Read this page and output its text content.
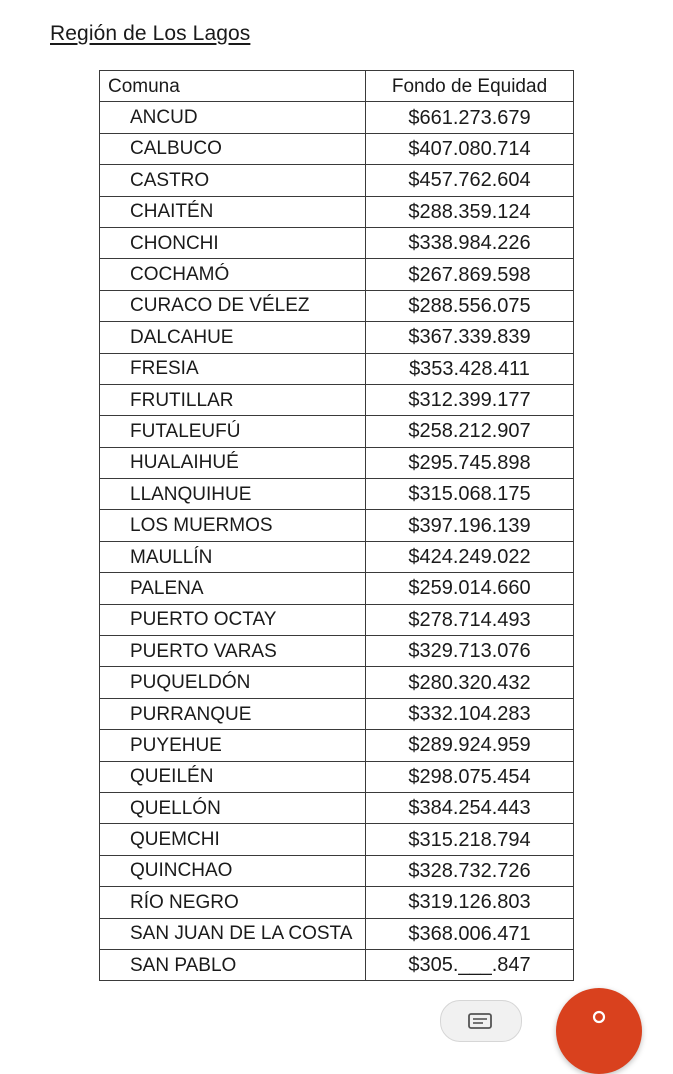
Región de Los Lagos
Comuna	Fondo de Equidad
ANCUD	$661.273.679
CALBUCO	$407.080.714
CASTRO	$457.762.604
CHAITÉN	$288.359.124
CHONCHI	$338.984.226
COCHAMÓ	$267.869.598
CURACO DE VÉLEZ	$288.556.075
DALCAHUE	$367.339.839
FRESIA	$353.428.411
FRUTILLAR	$312.399.177
FUTALEUFÚ	$258.212.907
HUALAIHUÉ	$295.745.898
LLANQUIHUE	$315.068.175
LOS MUERMOS	$397.196.139
MAULLÍN	$424.249.022
PALENA	$259.014.660
PUERTO OCTAY	$278.714.493
PUERTO VARAS	$329.713.076
PUQUELDÓN	$280.320.432
PURRANQUE	$332.104.283
PUYEHUE	$289.924.959
QUEILÉN	$298.075.454
QUELLÓN	$384.254.443
QUEMCHI	$315.218.794
QUINCHAO	$328.732.726
RÍO NEGRO	$319.126.803
SAN JUAN DE LA COSTA	$368.006.471
SAN PABLO	$305.___.847
